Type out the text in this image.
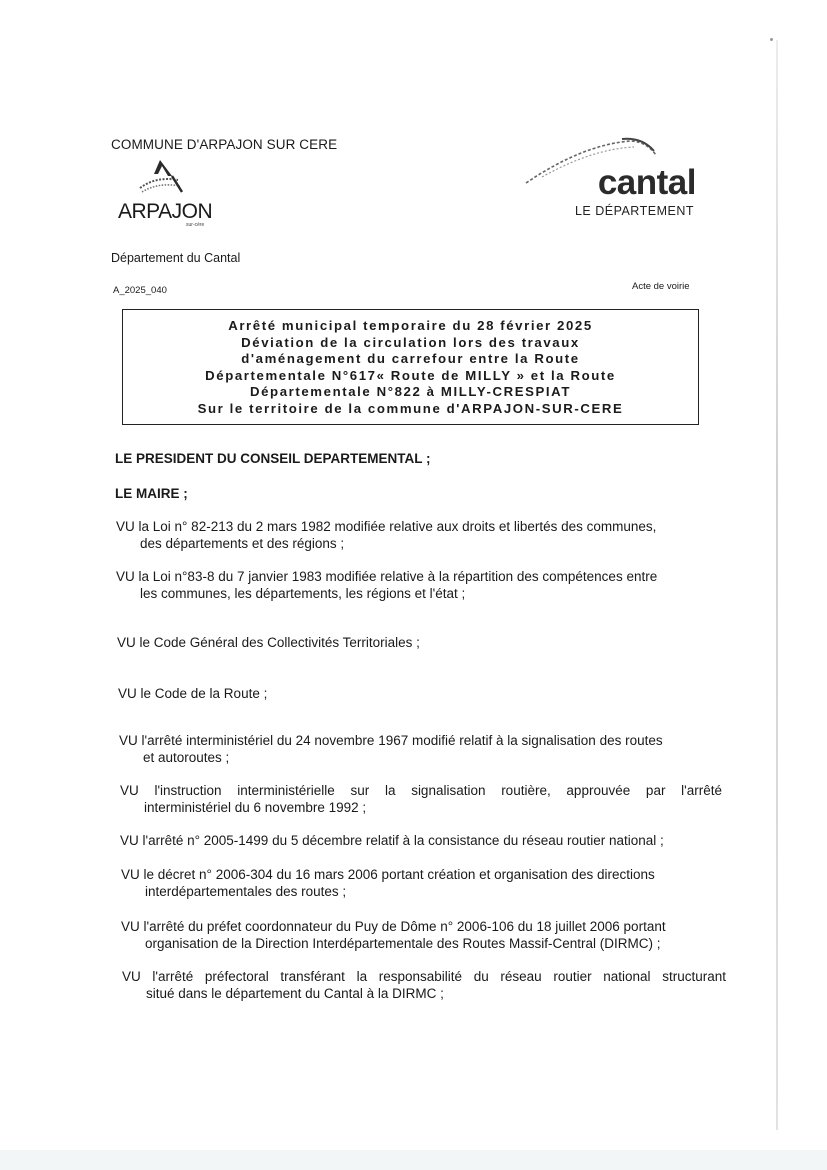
COMMUNE D'ARPAJON SUR CERE
ARPAJON
sur-cère
cantal
LE DÉPARTEMENT
Département du Cantal
A_2025_040	Acte de voirie
Arrêté municipal temporaire du 28 février 2025
Déviation de la circulation lors des travaux
d'aménagement du carrefour entre la Route
Départementale N°617« Route de MILLY » et la Route
Départementale N°822 à MILLY-CRESPIAT
Sur le territoire de la commune d'ARPAJON-SUR-CERE
LE PRESIDENT DU CONSEIL DEPARTEMENTAL ;
LE MAIRE ;
VU la Loi n° 82-213 du 2 mars 1982 modifiée relative aux droits et libertés des communes,
des départements et des régions ;
VU la Loi n°83-8 du 7 janvier 1983 modifiée relative à la répartition des compétences entre
les communes, les départements, les régions et l'état ;
VU le Code Général des Collectivités Territoriales ;
VU le Code de la Route ;
VU l'arrêté interministériel du 24 novembre 1967 modifié relatif à la signalisation des routes
et autoroutes ;
VU l'instruction interministérielle sur la signalisation routière, approuvée par l'arrêté
interministériel du 6 novembre 1992 ;
VU l'arrêté n° 2005-1499 du 5 décembre relatif à la consistance du réseau routier national ;
VU le décret n° 2006-304 du 16 mars 2006 portant création et organisation des directions
interdépartementales des routes ;
VU l'arrêté du préfet coordonnateur du Puy de Dôme n° 2006-106 du 18 juillet 2006 portant
organisation de la Direction Interdépartementale des Routes Massif-Central (DIRMC) ;
VU l'arrêté préfectoral transférant la responsabilité du réseau routier national structurant
situé dans le département du Cantal à la DIRMC ;
